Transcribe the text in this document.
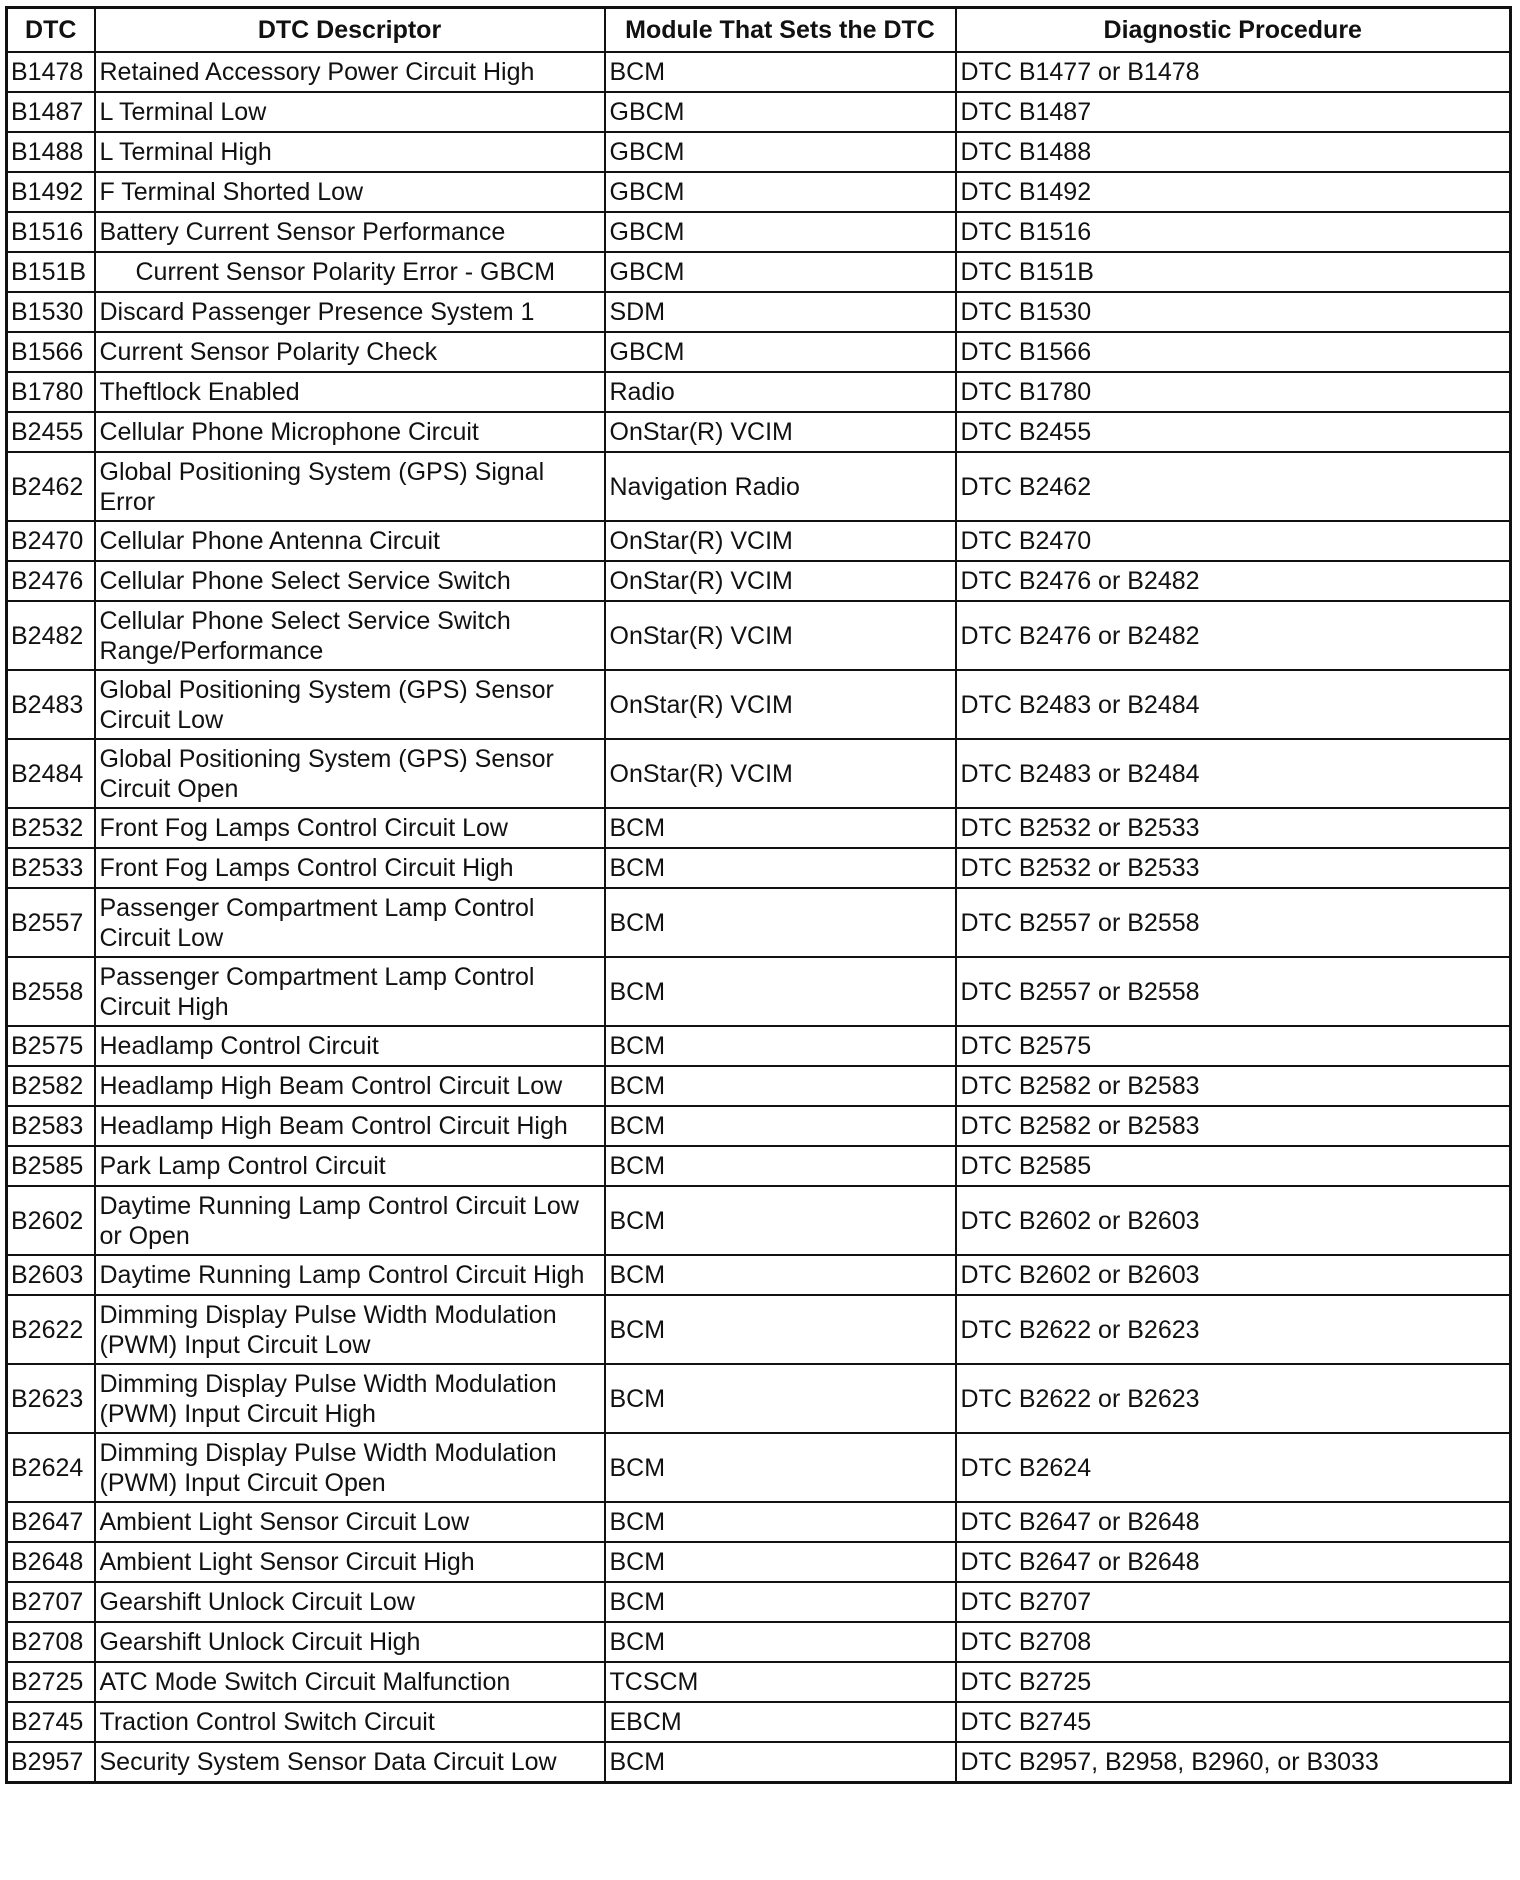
DTC	DTC Descriptor	Module That Sets the DTC	Diagnostic Procedure
B1478	Retained Accessory Power Circuit High	BCM	DTC B1477 or B1478
B1487	L Terminal Low	GBCM	DTC B1487
B1488	L Terminal High	GBCM	DTC B1488
B1492	F Terminal Shorted Low	GBCM	DTC B1492
B1516	Battery Current Sensor Performance	GBCM	DTC B1516
B151B	Current Sensor Polarity Error - GBCM	GBCM	DTC B151B
B1530	Discard Passenger Presence System 1	SDM	DTC B1530
B1566	Current Sensor Polarity Check	GBCM	DTC B1566
B1780	Theftlock Enabled	Radio	DTC B1780
B2455	Cellular Phone Microphone Circuit	OnStar(R) VCIM	DTC B2455
B2462	Global Positioning System (GPS) Signal Error	Navigation Radio	DTC B2462
B2470	Cellular Phone Antenna Circuit	OnStar(R) VCIM	DTC B2470
B2476	Cellular Phone Select Service Switch	OnStar(R) VCIM	DTC B2476 or B2482
B2482	Cellular Phone Select Service Switch Range/Performance	OnStar(R) VCIM	DTC B2476 or B2482
B2483	Global Positioning System (GPS) Sensor Circuit Low	OnStar(R) VCIM	DTC B2483 or B2484
B2484	Global Positioning System (GPS) Sensor Circuit Open	OnStar(R) VCIM	DTC B2483 or B2484
B2532	Front Fog Lamps Control Circuit Low	BCM	DTC B2532 or B2533
B2533	Front Fog Lamps Control Circuit High	BCM	DTC B2532 or B2533
B2557	Passenger Compartment Lamp Control Circuit Low	BCM	DTC B2557 or B2558
B2558	Passenger Compartment Lamp Control Circuit High	BCM	DTC B2557 or B2558
B2575	Headlamp Control Circuit	BCM	DTC B2575
B2582	Headlamp High Beam Control Circuit Low	BCM	DTC B2582 or B2583
B2583	Headlamp High Beam Control Circuit High	BCM	DTC B2582 or B2583
B2585	Park Lamp Control Circuit	BCM	DTC B2585
B2602	Daytime Running Lamp Control Circuit Low or Open	BCM	DTC B2602 or B2603
B2603	Daytime Running Lamp Control Circuit High	BCM	DTC B2602 or B2603
B2622	Dimming Display Pulse Width Modulation (PWM) Input Circuit Low	BCM	DTC B2622 or B2623
B2623	Dimming Display Pulse Width Modulation (PWM) Input Circuit High	BCM	DTC B2622 or B2623
B2624	Dimming Display Pulse Width Modulation (PWM) Input Circuit Open	BCM	DTC B2624
B2647	Ambient Light Sensor Circuit Low	BCM	DTC B2647 or B2648
B2648	Ambient Light Sensor Circuit High	BCM	DTC B2647 or B2648
B2707	Gearshift Unlock Circuit Low	BCM	DTC B2707
B2708	Gearshift Unlock Circuit High	BCM	DTC B2708
B2725	ATC Mode Switch Circuit Malfunction	TCSCM	DTC B2725
B2745	Traction Control Switch Circuit	EBCM	DTC B2745
B2957	Security System Sensor Data Circuit Low	BCM	DTC B2957, B2958, B2960, or B3033
